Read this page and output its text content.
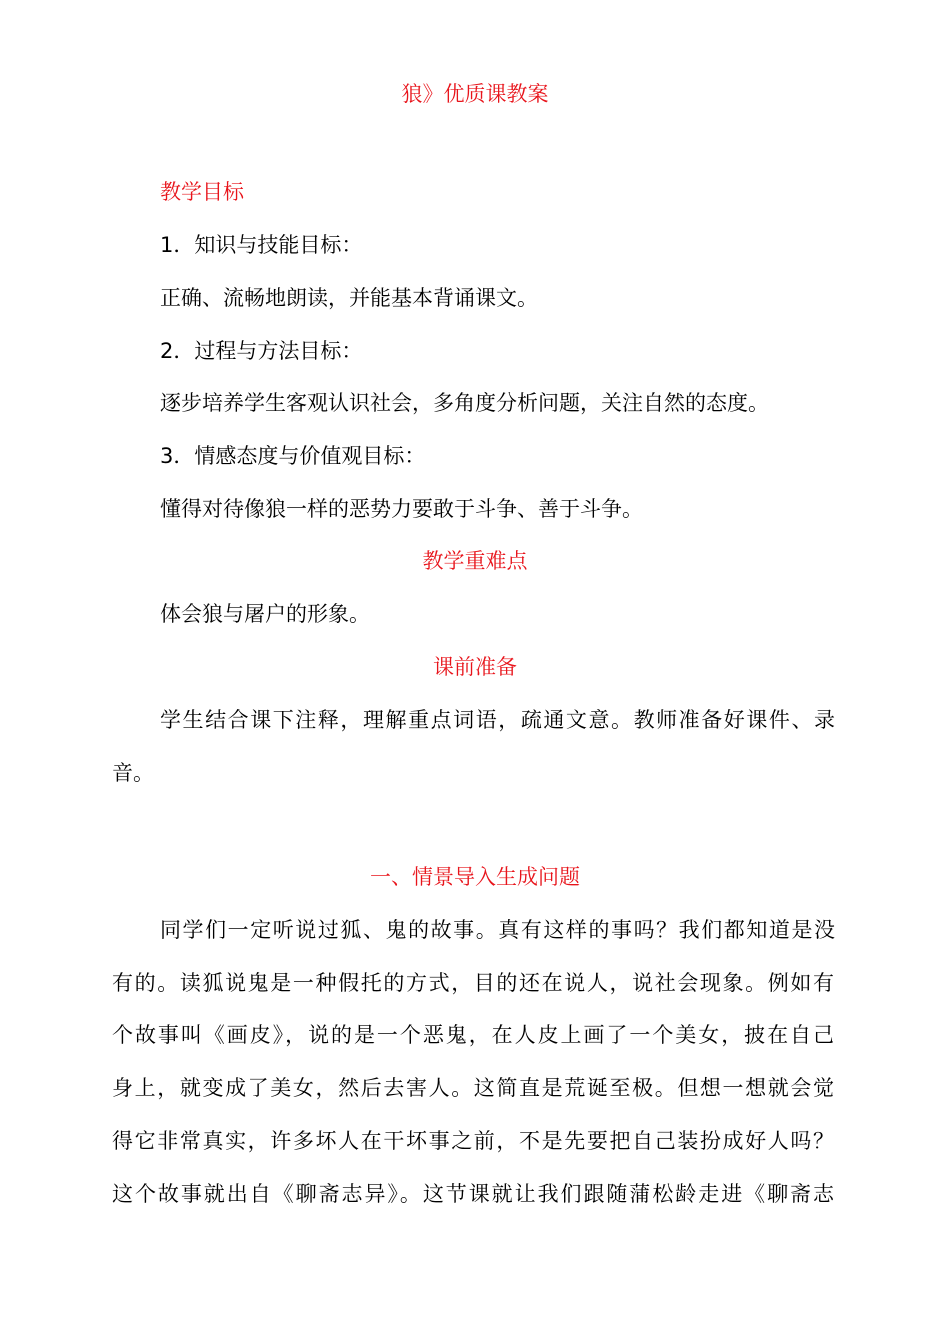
狼》优质课教案
教学目标
1．知识与技能目标：
正确、流畅地朗读，并能基本背诵课文。
2．过程与方法目标：
逐步培养学生客观认识社会，多角度分析问题，关注自然的态度。
3．情感态度与价值观目标：
懂得对待像狼一样的恶势力要敢于斗争、善于斗争。
教学重难点
体会狼与屠户的形象。
课前准备
学生结合课下注释，理解重点词语，疏通文意。教师准备好课件、录
音。
一、情景导入生成问题
同学们一定听说过狐、鬼的故事。真有这样的事吗？我们都知道是没
有的。读狐说鬼是一种假托的方式，目的还在说人，说社会现象。例如有
个故事叫《画皮》，说的是一个恶鬼，在人皮上画了一个美女，披在自己
身上，就变成了美女，然后去害人。这简直是荒诞至极。但想一想就会觉
得它非常真实，许多坏人在干坏事之前，不是先要把自己装扮成好人吗？
这个故事就出自《聊斋志异》。这节课就让我们跟随蒲松龄走进《聊斋志
